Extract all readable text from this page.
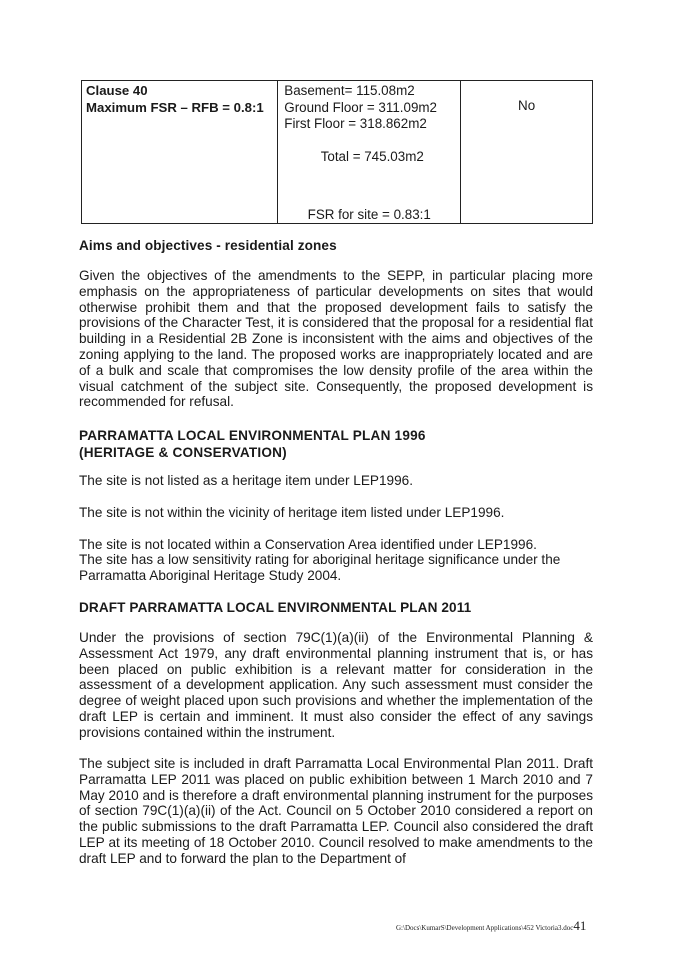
Clause 40
Maximum FSR – RFB = 0.8:1

Basement= 115.08m2
Ground Floor = 311.09m2
First Floor = 318.862m2
Total = 745.03m2
FSR for site = 0.83:1

No
Aims and objectives - residential zones

Given the objectives of the amendments to the SEPP, in particular placing more emphasis on the appropriateness of particular developments on sites that would otherwise prohibit them and that the proposed development fails to satisfy the provisions of the Character Test, it is considered that the proposal for a residential flat building in a Residential 2B Zone is inconsistent with the aims and objectives of the zoning applying to the land. The proposed works are inappropriately located and are of a bulk and scale that compromises the low density profile of the area within the visual catchment of the subject site. Consequently, the proposed development is recommended for refusal.

PARRAMATTA LOCAL ENVIRONMENTAL PLAN 1996
(HERITAGE & CONSERVATION)

The site is not listed as a heritage item under LEP1996.

The site is not within the vicinity of heritage item listed under LEP1996.

The site is not located within a Conservation Area identified under LEP1996.

The site has a low sensitivity rating for aboriginal heritage significance under the

Parramatta Aboriginal Heritage Study 2004.

DRAFT PARRAMATTA LOCAL ENVIRONMENTAL PLAN 2011

Under the provisions of section 79C(1)(a)(ii) of the Environmental Planning & Assessment Act 1979, any draft environmental planning instrument that is, or has been placed on public exhibition is a relevant matter for consideration in the assessment of a development application. Any such assessment must consider the degree of weight placed upon such provisions and whether the implementation of the draft LEP is certain and imminent. It must also consider the effect of any savings provisions contained within the instrument.

The subject site is included in draft Parramatta Local Environmental Plan 2011. Draft Parramatta LEP 2011 was placed on public exhibition between 1 March 2010 and 7 May 2010 and is therefore a draft environmental planning instrument for the purposes of section 79C(1)(a)(ii) of the Act. Council on 5 October 2010 considered a report on the public submissions to the draft Parramatta LEP. Council also considered the draft LEP at its meeting of 18 October 2010. Council resolved to make amendments to the draft LEP and to forward the plan to the Department of

G:\Docs\KumarS\Development Applications\452 Victoria3.doc41
